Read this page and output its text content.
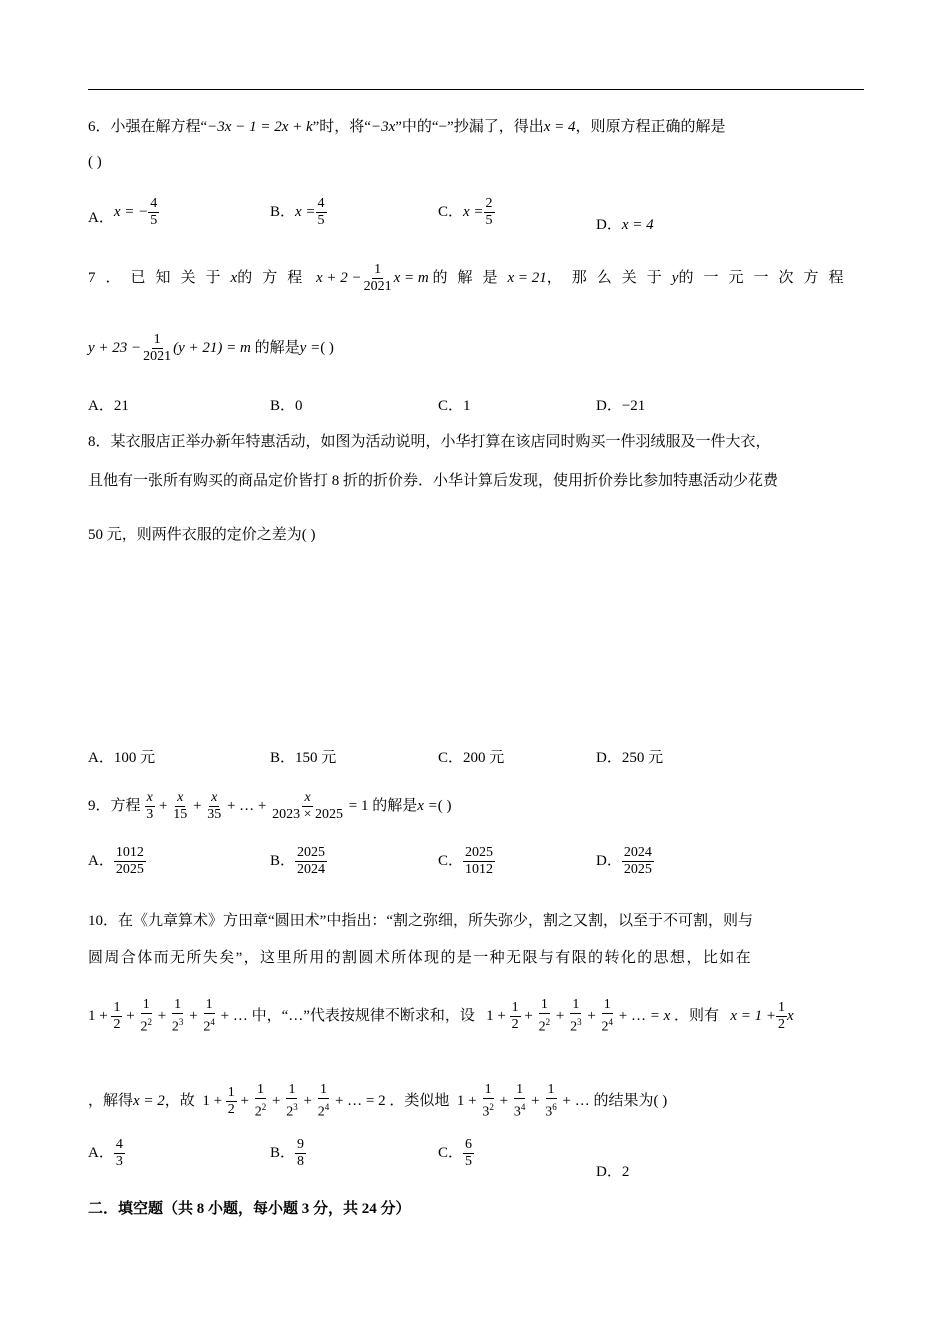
6．小强在解方程“−3x − 1 = 2x + k”时，将“−3x”中的“−”抄漏了，得出x = 4，则原方程正确的解是
( )
A．x = − $\frac{4}{5}$	B．$x = \frac{4}{5}$	C．$x = \frac{2}{5}$	D．x = 4
7．已知关于x的方程 $x + 2 - \frac{1}{2021}$ x = m 的解是x = 21，那么关于y的一元一次方程
$y + 23 - \frac{1}{2021} (y + 21) = m$ 的解是y =( )
A．21	B．0	C．1	D．−21
8．某衣服店正举办新年特惠活动，如图为活动说明，小华打算在该店同时购买一件羽绒服及一件大衣，
且他有一张所有购买的商品定价皆打 8 折的折价券．小华计算后发现，使用折价券比参加特惠活动少花费
50 元，则两件衣服的定价之差为( )
A．100 元	B．150 元	C．200 元	D．250 元
9．方程 $\frac{x}{3} + \frac{x}{15} + \frac{x}{35}$ + … + $\frac{x}{2023 \times 2025} = 1$ 的解是x =( )
A． $\frac{1012}{2025}$	B． $\frac{2025}{2024}$	C． $\frac{2025}{1012}$	D． $\frac{2024}{2025}$
10．在《九章算术》方田章“圆田术”中指出：“割之弥细，所失弥少，割之又割，以至于不可割，则与
圆周合体而无所失矣”，这里所用的割圆术所体现的是一种无限与有限的转化的思想，比如在
$1 + \frac{1}{2} + \frac{1}{2^2} + \frac{1}{2^3} + \frac{1}{2^4}$ + … 中，“…”代表按规律不断求和，设   $1 + \frac{1}{2} + \frac{1}{2^2} + \frac{1}{2^3} + \frac{1}{2^4}$ + … = x ．则有 $x = 1 + \frac{1}{2}$ x
，解得x = 2，故  $1 + \frac{1}{2} + \frac{1}{2^2} + \frac{1}{2^3} + \frac{1}{2^4}$ + … = 2 ．类似地  $1 + \frac{1}{3^2} + \frac{1}{3^4} + \frac{1}{3^6}$ + … 的结果为( )
A． $\frac{4}{3}$	B． $\frac{9}{8}$	C． $\frac{6}{5}$
D．2
二．填空题（共 8 小题，每小题 3 分，共 24 分）
